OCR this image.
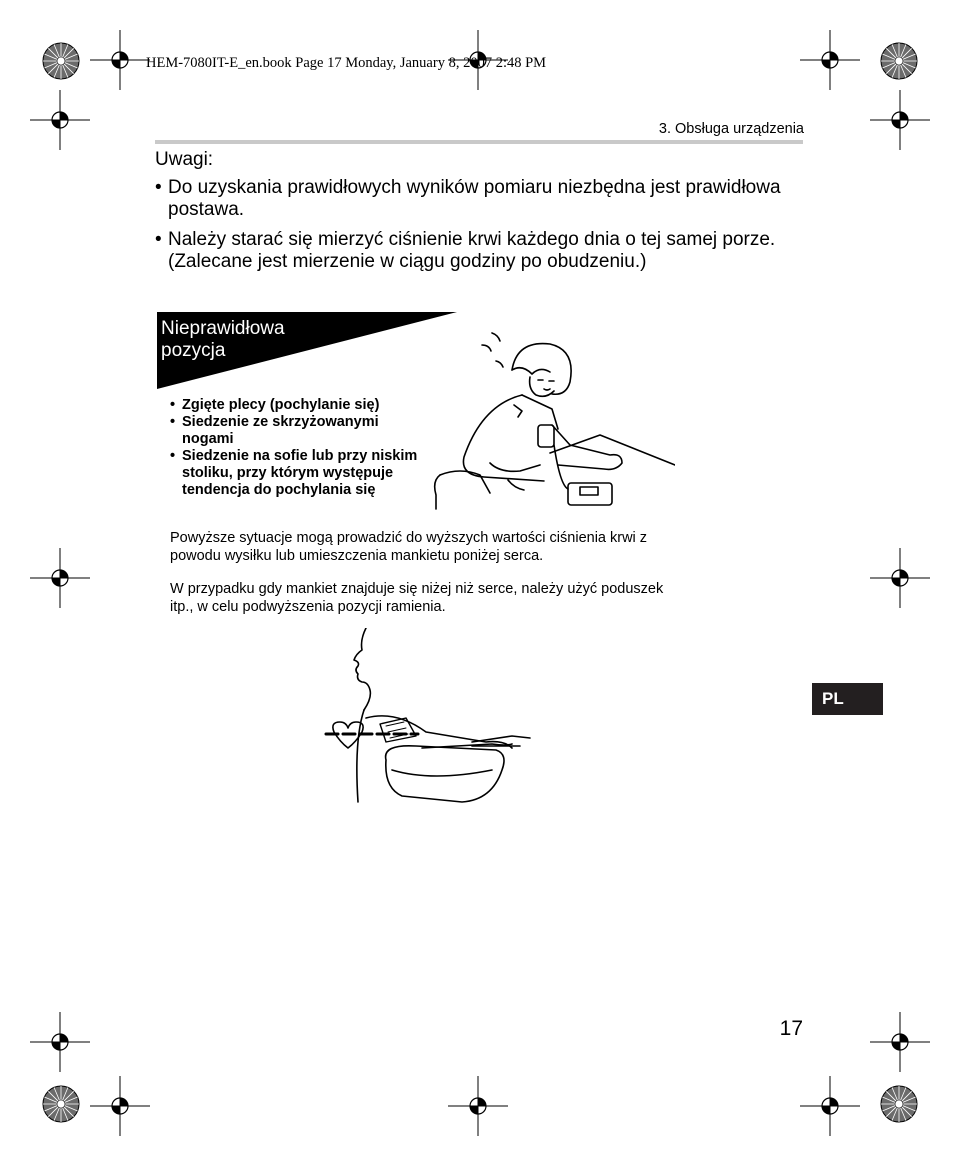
HEM-7080IT-E_en.book Page 17 Monday, January 8, 2007 2:48 PM
3. Obsługa urządzenia
Uwagi:
• Do uzyskania prawidłowych wyników pomiaru niezbędna jest prawidłowa postawa.
• Należy starać się mierzyć ciśnienie krwi każdego dnia o tej samej porze. (Zalecane jest mierzenie w ciągu godziny po obudzeniu.)
Nieprawidłowa pozycja
• Zgięte plecy (pochylanie się)
• Siedzenie ze skrzyżowanymi nogami
• Siedzenie na sofie lub przy niskim stoliku, przy którym występuje tendencja do pochylania się
Powyższe sytuacje mogą prowadzić do wyższych wartości ciśnienia krwi z powodu wysiłku lub umieszczenia mankietu poniżej serca.
W przypadku gdy mankiet znajduje się niżej niż serce, należy użyć poduszek itp., w celu podwyższenia pozycji ramienia.
PL
17
